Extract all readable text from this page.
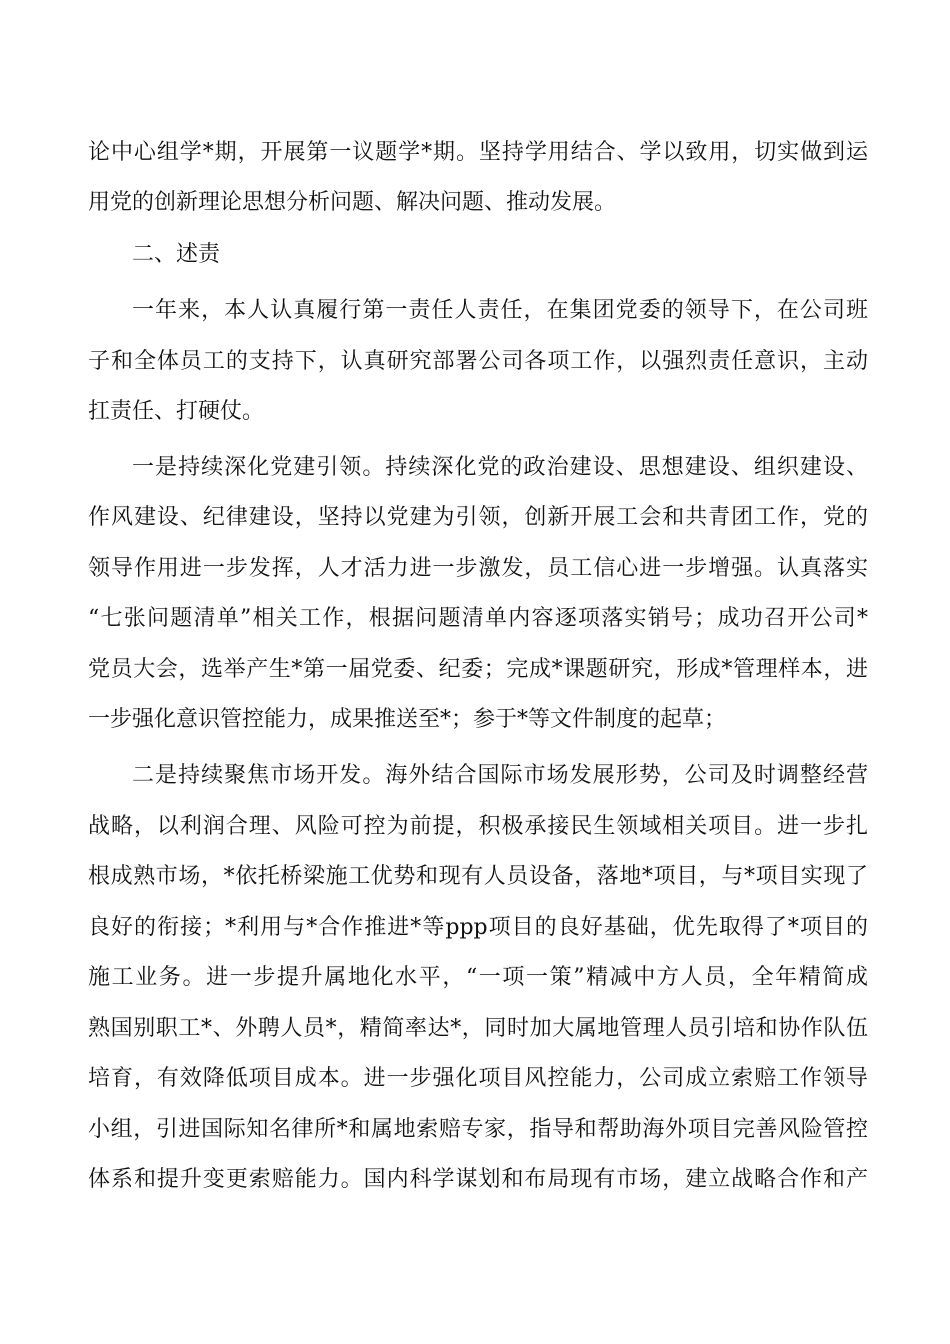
论中心组学*期，开展第一议题学*期。坚持学用结合、学以致用，切实做到运
用党的创新理论思想分析问题、解决问题、推动发展。
二、述责
一年来，本人认真履行第一责任人责任，在集团党委的领导下，在公司班
子和全体员工的支持下，认真研究部署公司各项工作，以强烈责任意识，主动
扛责任、打硬仗。
一是持续深化党建引领。持续深化党的政治建设、思想建设、组织建设、
作风建设、纪律建设，坚持以党建为引领，创新开展工会和共青团工作，党的
领导作用进一步发挥，人才活力进一步激发，员工信心进一步增强。认真落实
“七张问题清单”相关工作，根据问题清单内容逐项落实销号；成功召开公司*
党员大会，选举产生*第一届党委、纪委；完成*课题研究，形成*管理样本，进
一步强化意识管控能力，成果推送至*；参于*等文件制度的起草；
二是持续聚焦市场开发。海外结合国际市场发展形势，公司及时调整经营
战略，以利润合理、风险可控为前提，积极承接民生领域相关项目。进一步扎
根成熟市场，*依托桥梁施工优势和现有人员设备，落地*项目，与*项目实现了
良好的衔接；*利用与*合作推进*等ppp项目的良好基础，优先取得了*项目的
施工业务。进一步提升属地化水平，“一项一策”精减中方人员，全年精简成
熟国别职工*、外聘人员*，精简率达*，同时加大属地管理人员引培和协作队伍
培育，有效降低项目成本。进一步强化项目风控能力，公司成立索赔工作领导
小组，引进国际知名律所*和属地索赔专家，指导和帮助海外项目完善风险管控
体系和提升变更索赔能力。国内科学谋划和布局现有市场，建立战略合作和产
